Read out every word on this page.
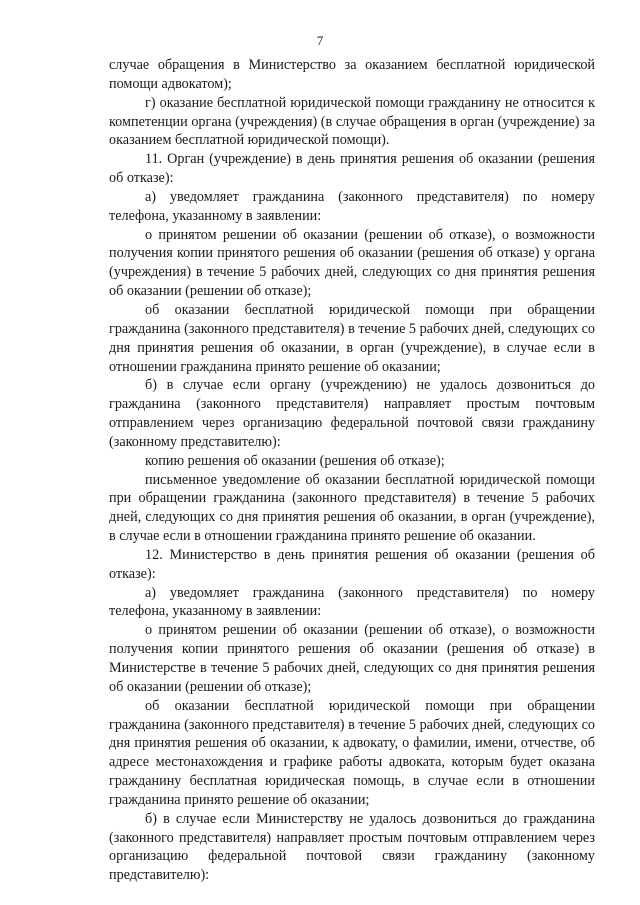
7

случае обращения в Министерство за оказанием бесплатной юридической помощи адвокатом);

г) оказание бесплатной юридической помощи гражданину не относится к компетенции органа (учреждения) (в случае обращения в орган (учреждение) за оказанием бесплатной юридической помощи).

11. Орган (учреждение) в день принятия решения об оказании (решения об отказе):

а) уведомляет гражданина (законного представителя) по номеру телефона, указанному в заявлении:

о принятом решении об оказании (решении об отказе), о возможности получения копии принятого решения об оказании (решения об отказе) у органа (учреждения) в течение 5 рабочих дней, следующих со дня принятия решения об оказании (решении об отказе);

об оказании бесплатной юридической помощи при обращении гражданина (законного представителя) в течение 5 рабочих дней, следующих со дня принятия решения об оказании, в орган (учреждение), в случае если в отношении гражданина принято решение об оказании;

б) в случае если органу (учреждению) не удалось дозвониться до гражданина (законного представителя) направляет простым почтовым отправлением через организацию федеральной почтовой связи гражданину (законному представителю):

копию решения об оказании (решения об отказе);

письменное уведомление об оказании бесплатной юридической помощи при обращении гражданина (законного представителя) в течение 5 рабочих дней, следующих со дня принятия решения об оказании, в орган (учреждение), в случае если в отношении гражданина принято решение об оказании.

12. Министерство в день принятия решения об оказании (решения об отказе):

а) уведомляет гражданина (законного представителя) по номеру телефона, указанному в заявлении:

о принятом решении об оказании (решении об отказе), о возможности получения копии принятого решения об оказании (решения об отказе) в Министерстве в течение 5 рабочих дней, следующих со дня принятия решения об оказании (решении об отказе);

об оказании бесплатной юридической помощи при обращении гражданина (законного представителя) в течение 5 рабочих дней, следующих со дня принятия решения об оказании, к адвокату, о фамилии, имени, отчестве, об адресе местонахождения и графике работы адвоката, которым будет оказана гражданину бесплатная юридическая помощь, в случае если в отношении гражданина принято решение об оказании;

б) в случае если Министерству не удалось дозвониться до гражданина (законного представителя) направляет простым почтовым отправлением через организацию федеральной почтовой связи гражданину (законному представителю):
